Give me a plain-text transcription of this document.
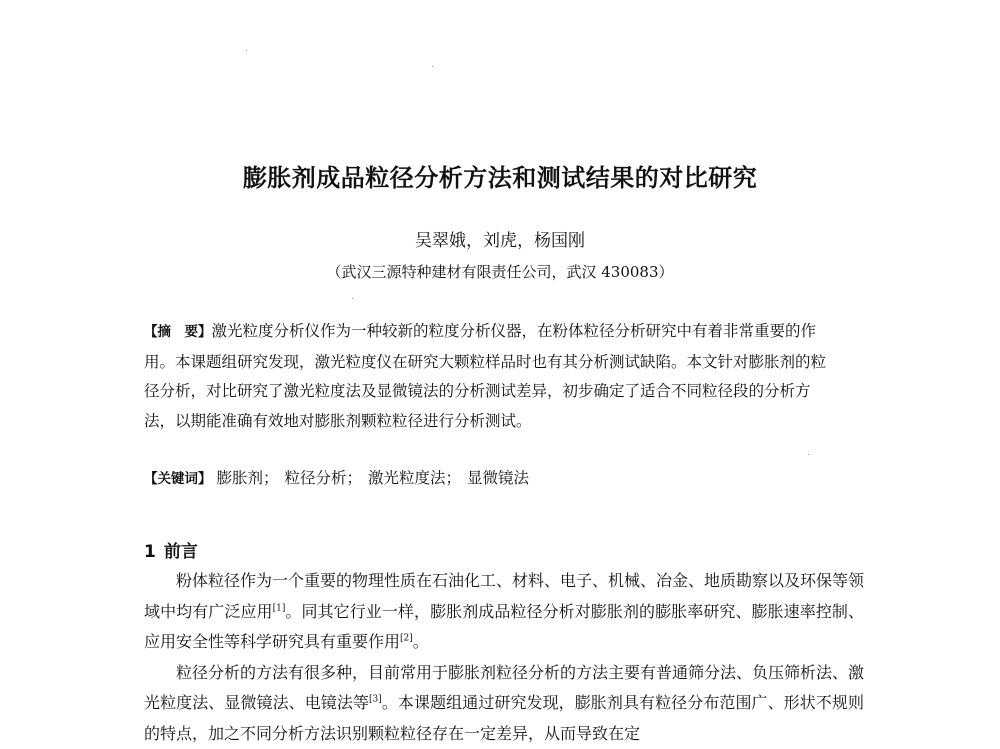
膨胀剂成品粒径分析方法和测试结果的对比研究
吴翠娥，刘虎，杨国刚
（武汉三源特种建材有限责任公司，武汉 430083）
【摘　要】激光粒度分析仪作为一种较新的粒度分析仪器，在粉体粒径分析研究中有着非常重要的作用。本课题组研究发现，激光粒度仪在研究大颗粒样品时也有其分析测试缺陷。本文针对膨胀剂的粒径分析，对比研究了激光粒度法及显微镜法的分析测试差异，初步确定了适合不同粒径段的分析方法，以期能准确有效地对膨胀剂颗粒粒径进行分析测试。
【关键词】 膨胀剂； 粒径分析； 激光粒度法； 显微镜法
1 前言

粉体粒径作为一个重要的物理性质在石油化工、材料、电子、机械、冶金、地质勘察以及环保等领域中均有广泛应用[1]。同其它行业一样，膨胀剂成品粒径分析对膨胀剂的膨胀率研究、膨胀速率控制、应用安全性等科学研究具有重要作用[2]。

粒径分析的方法有很多种，目前常用于膨胀剂粒径分析的方法主要有普通筛分法、负压筛析法、激光粒度法、显微镜法、电镜法等[3]。本课题组通过研究发现，膨胀剂具有粒径分布范围广、形状不规则的特点，加之不同分析方法识别颗粒粒径存在一定差异，从而导致在定
